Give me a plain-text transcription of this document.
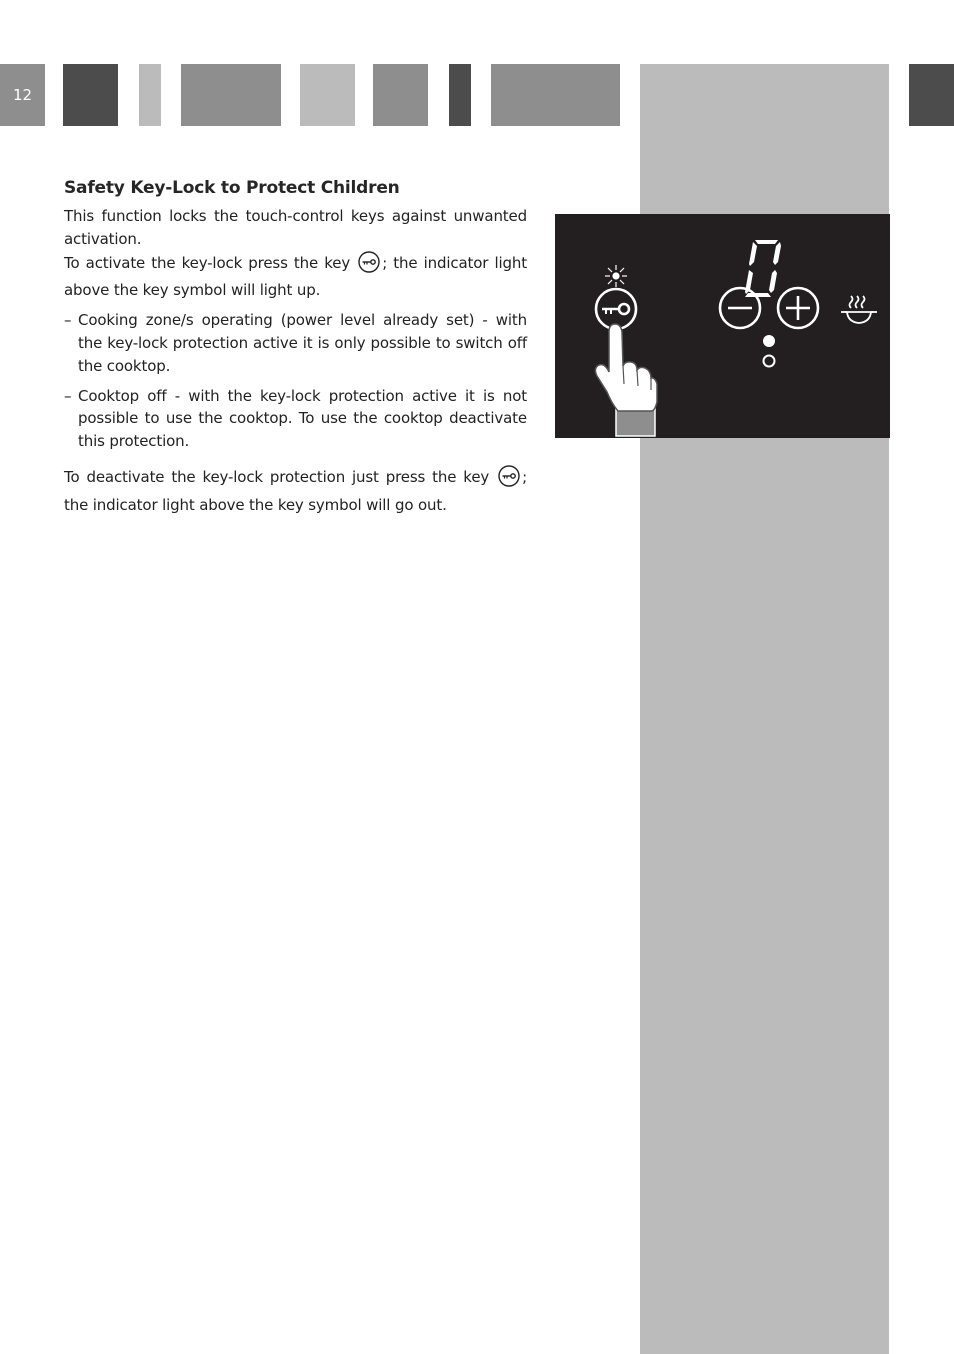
12
Safety Key-Lock to Protect Children

This function locks the touch-control keys against unwanted activation.

To activate the key-lock press the key ; the indicator light above the key symbol will light up.

– Cooking zone/s operating (power level already set) - with the key-lock protection active it is only possible to switch off the cooktop.

– Cooktop off - with the key-lock protection active it is not possible to use the cooktop. To use the cooktop deactivate this protection.

To deactivate the key-lock protection just press the key ; the indicator light above the key symbol will go out.
